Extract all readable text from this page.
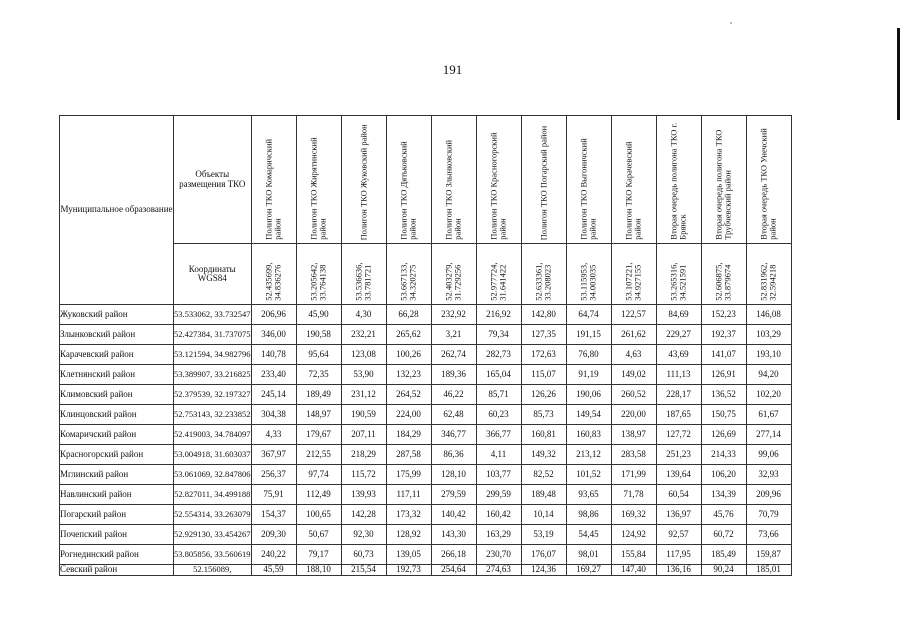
191
Муниципальное образование	Объекты размещения ТКО	Полигон ТКО Комаричский район	Полигон ТКО Жирятинский район	Полигон ТКО Жуковский район	Полигон ТКО Дятьковский район	Полигон ТКО Злынковский район	Полигон ТКО Красногорский район	Полигон ТКО Погарский район	Полигон ТКО Выгоничский район	Полигон ТКО Карачевский район	Вторая очередь полигона ТКО г. Брянск	Вторая очередь полигона ТКО Трубчевский район	Вторая очередь ТКО Унечский район

	Координаты WGS84	52.435699, 34.836276	53.205642, 33.764138	53.536636, 33.781721	53.667133, 34.320275	52.403279, 31.729256	52.977724, 31.641422	52.633361, 33.208023	53.115953, 34.003035	53.107221, 34.927155	53.265316, 34.521591	52.606875, 33.879674	52.831962, 32.594218

Жуковский район	53.533062, 33.732547	206,96	45,90	4,30	66,28	232,92	216,92	142,80	64,74	122,57	84,69	152,23	146,08
Злынковский район	52.427384, 31.737075	346,00	190,58	232,21	265,62	3,21	79,34	127,35	191,15	261,62	229,27	192,37	103,29
Карачевский район	53.121594, 34.982796	140,78	95,64	123,08	100,26	262,74	282,73	172,63	76,80	4,63	43,69	141,07	193,10
Клетнянский район	53.389907, 33.216825	233,40	72,35	53,90	132,23	189,36	165,04	115,07	91,19	149,02	111,13	126,91	94,20
Климовский район	52.379539, 32.197327	245,14	189,49	231,12	264,52	46,22	85,71	126,26	190,06	260,52	228,17	136,52	102,20
Клинцовский район	52.753143, 32.233852	304,38	148,97	190,59	224,00	62,48	60,23	85,73	149,54	220,00	187,65	150,75	61,67
Комаричский район	52.419003, 34.784097	4,33	179,67	207,11	184,29	346,77	366,77	160,81	160,83	138,97	127,72	126,69	277,14
Красногорский район	53.004918, 31.603037	367,97	212,55	218,29	287,58	86,36	4,11	149,32	213,12	283,58	251,23	214,33	99,06
Мглинский район	53.061069, 32.847806	256,37	97,74	115,72	175,99	128,10	103,77	82,52	101,52	171,99	139,64	106,20	32,93
Навлинский район	52.827011, 34.499188	75,91	112,49	139,93	117,11	279,59	299,59	189,48	93,65	71,78	60,54	134,39	209,96
Погарский район	52.554314, 33.263079	154,37	100,65	142,28	173,32	140,42	160,42	10,14	98,86	169,32	136,97	45,76	70,79
Почепский район	52.929130, 33.454267	209,30	50,67	92,30	128,92	143,30	163,29	53,19	54,45	124,92	92,57	60,72	73,66
Рогнединский район	53.805856, 33.560619	240,22	79,17	60,73	139,05	266,18	230,70	176,07	98,01	155,84	117,95	185,49	159,87
Севский район	52.156089,	45,59	188,10	215,54	192,73	254,64	274,63	124,36	169,27	147,40	136,16	90,24	185,01
